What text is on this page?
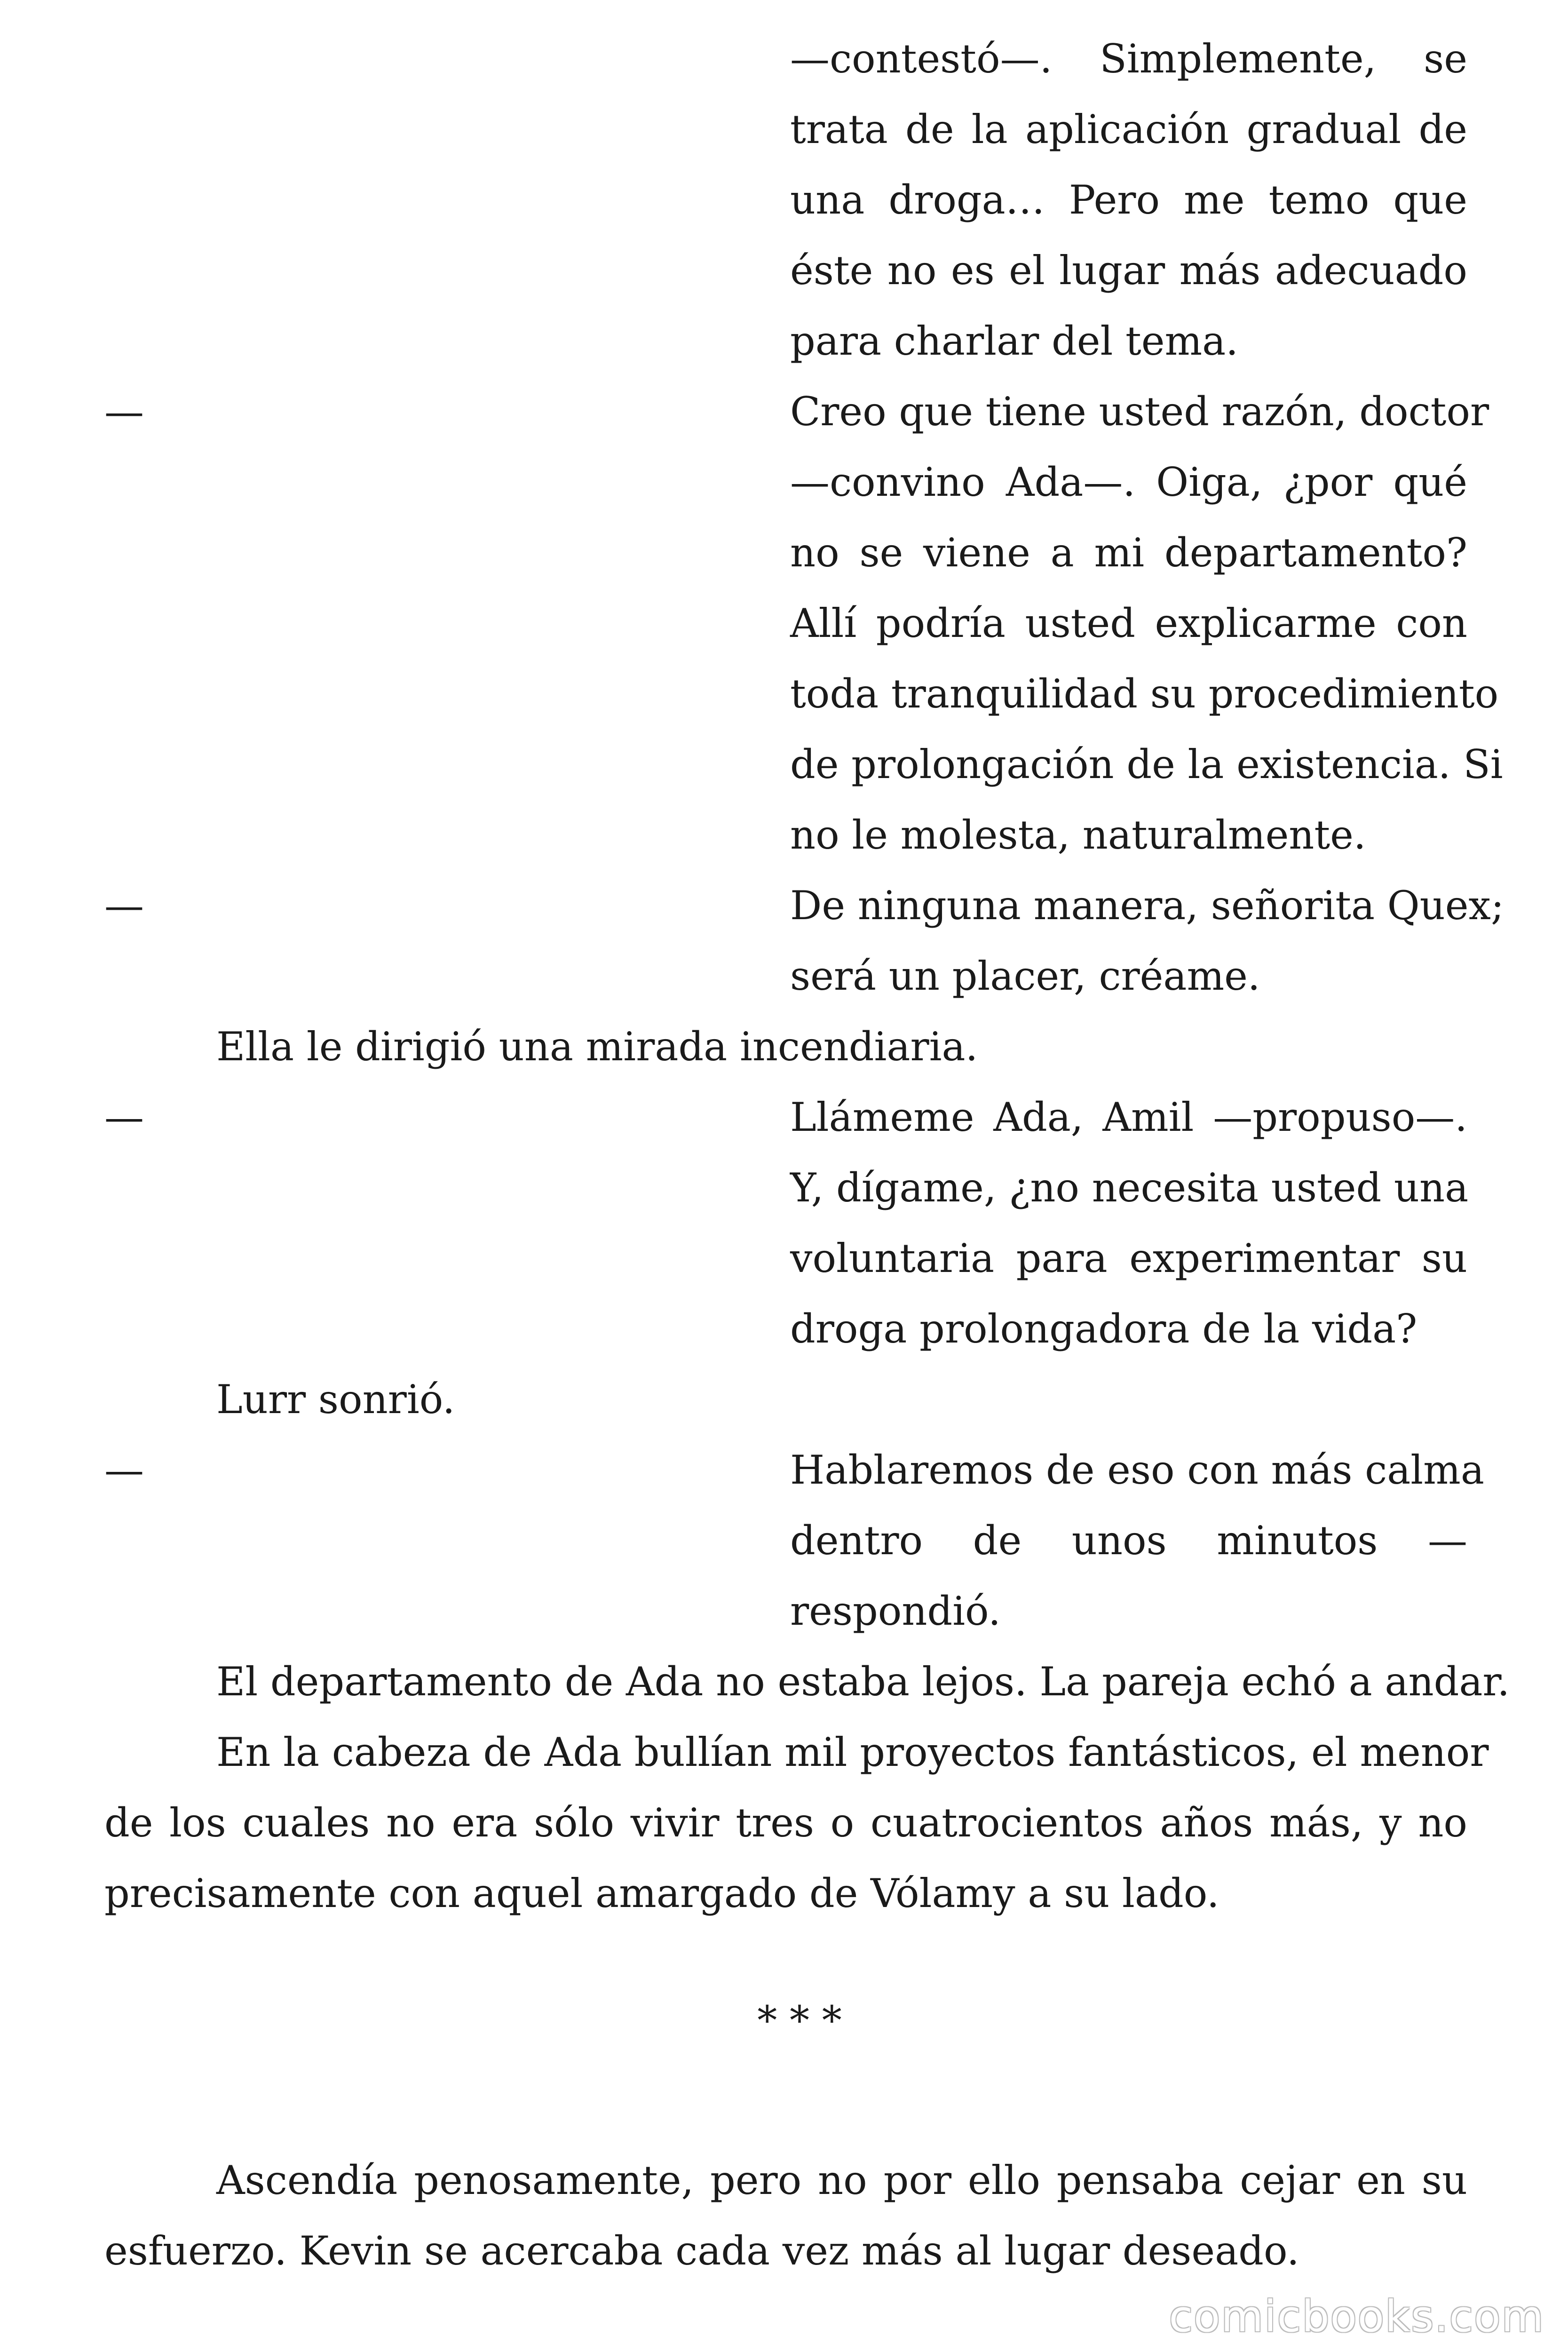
—contestó—. Simplemente, se
trata de la aplicación gradual de
una droga… Pero me temo que
éste no es el lugar más adecuado
para charlar del tema.
—	Creo que tiene usted razón, doctor
—convino Ada—. Oiga, ¿por qué
no se viene a mi departamento?
Allí podría usted explicarme con
toda tranquilidad su procedimiento
de prolongación de la existencia. Si
no le molesta, naturalmente.
—	De ninguna manera, señorita Quex;
será un placer, créame.
Ella le dirigió una mirada incendiaria.
—	Llámeme Ada, Amil —propuso—.
Y, dígame, ¿no necesita usted una
voluntaria para experimentar su
droga prolongadora de la vida?
Lurr sonrió.
—	Hablaremos de eso con más calma
dentro de unos minutos —
respondió.
El departamento de Ada no estaba lejos. La pareja echó a andar.
En la cabeza de Ada bullían mil proyectos fantásticos, el menor
de los cuales no era sólo vivir tres o cuatrocientos años más, y no
precisamente con aquel amargado de Vólamy a su lado.
* * *
Ascendía penosamente, pero no por ello pensaba cejar en su
esfuerzo. Kevin se acercaba cada vez más al lugar deseado.
comicbooks.com
